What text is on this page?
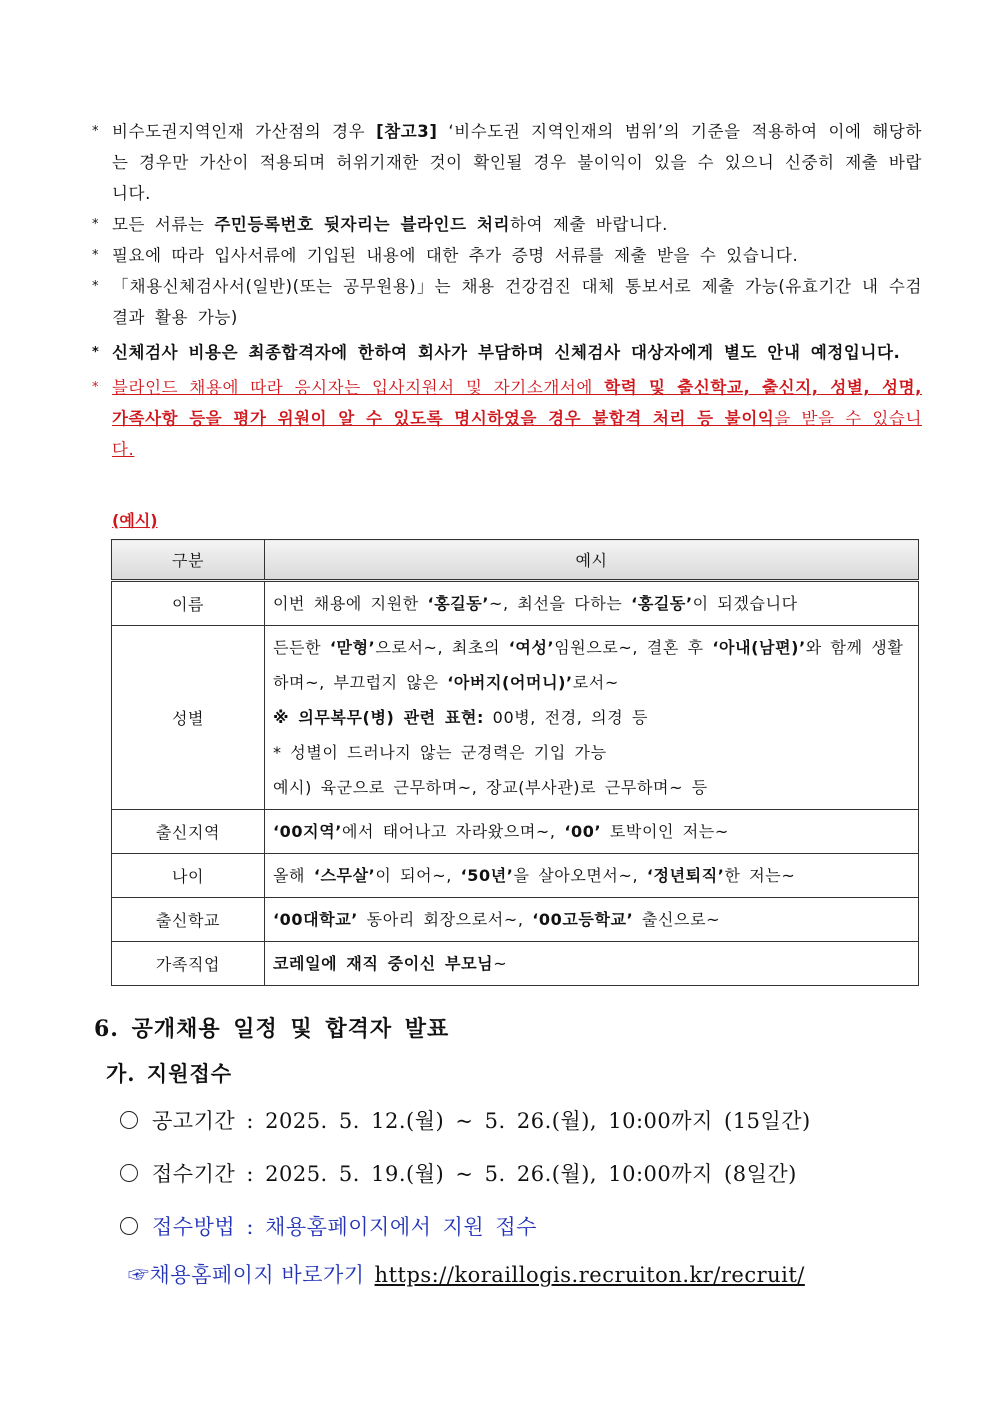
* 비수도권지역인재 가산점의 경우 [참고3] ‘비수도권 지역인재의 범위’의 기준을 적용하여 이에 해당하는 경우만 가산이 적용되며 허위기재한 것이 확인될 경우 불이익이 있을 수 있으니 신중히 제출 바랍니다.
* 모든 서류는 주민등록번호 뒷자리는 블라인드 처리하여 제출 바랍니다.
* 필요에 따라 입사서류에 기입된 내용에 대한 추가 증명 서류를 제출 받을 수 있습니다.
* 「채용신체검사서(일반)(또는 공무원용)」는 채용 건강검진 대체 통보서로 제출 가능(유효기간 내 수검 결과 활용 가능)
* 신체검사 비용은 최종합격자에 한하여 회사가 부담하며 신체검사 대상자에게 별도 안내 예정입니다.
* 블라인드 채용에 따라 응시자는 입사지원서 및 자기소개서에 학력 및 출신학교, 출신지, 성별, 성명, 가족사항 등을 평가 위원이 알 수 있도록 명시하였을 경우 불합격 처리 등 불이익을 받을 수 있습니다.
(예시)
구분	예시
이름	이번 채용에 지원한 ‘홍길동’~, 최선을 다하는 ‘홍길동’이 되겠습니다

성별	든든한 ‘맏형’으로서~, 최초의 ‘여성’임원으로~, 결혼 후 ‘아내(남편)’와 함께 생활하며~, 부끄럽지 않은 ‘아버지(어머니)’로서~
※ 의무복무(병) 관련 표현: 00병, 전경, 의경 등
* 성별이 드러나지 않는 군경력은 기입 가능
예시) 육군으로 근무하며~, 장교(부사관)로 근무하며~ 등

출신지역	‘00지역’에서 태어나고 자라왔으며~, ‘00’ 토박이인 저는~

나이	올해 ‘스무살’이 되어~, ‘50년’을 살아오면서~, ‘정년퇴직’한 저는~

출신학교	‘00대학교’ 동아리 회장으로서~, ‘00고등학교’ 출신으로~

가족직업	코레일에 재직 중이신 부모님~
6. 공개채용 일정 및 합격자 발표
가. 지원접수
공고기간 : 2025. 5. 12.(월) ~ 5. 26.(월), 10:00까지 (15일간)
접수기간 : 2025. 5. 19.(월) ~ 5. 26.(월), 10:00까지 (8일간)
접수방법 : 채용홈페이지에서 지원 접수
☞채용홈페이지 바로가기 https://koraillogis.recruiton.kr/recruit/
